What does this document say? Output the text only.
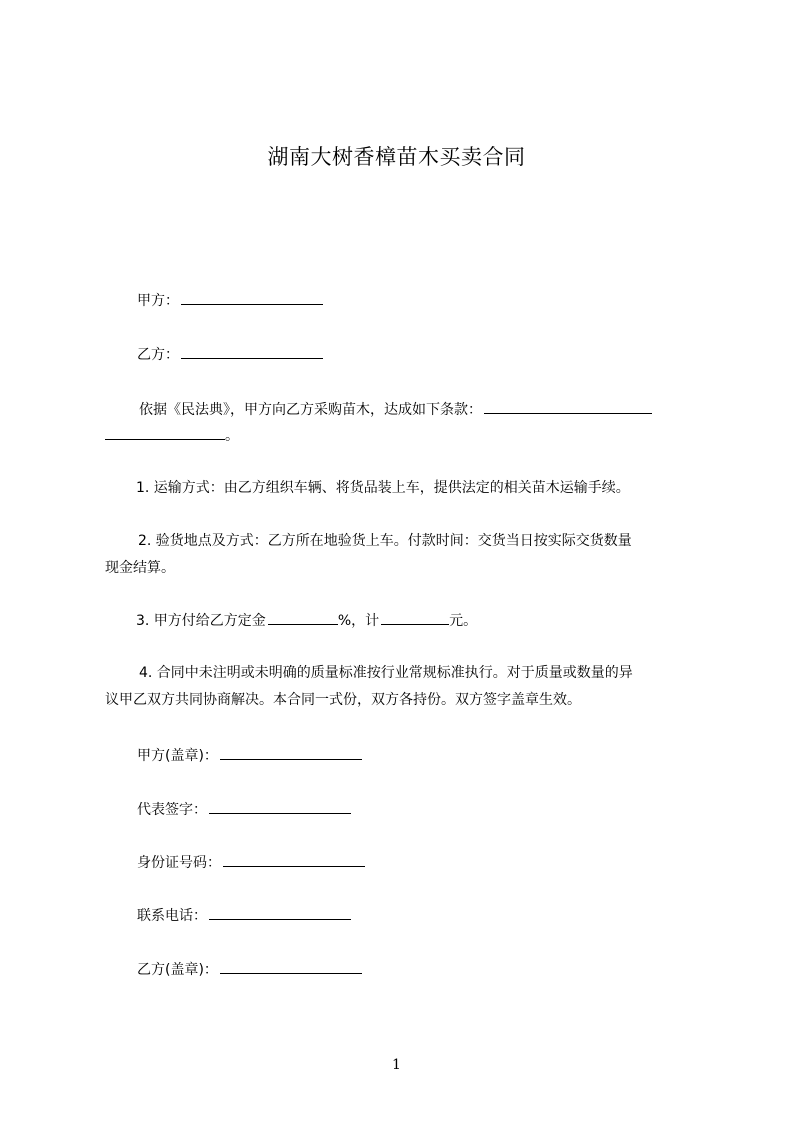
湖南大树香樟苗木买卖合同
甲方：
乙方：
依据《民法典》，甲方向乙方采购苗木，达成如下条款：
。
1. 运输方式：由乙方组织车辆、将货品装上车，提供法定的相关苗木运输手续。
2. 验货地点及方式：乙方所在地验货上车。付款时间：交货当日按实际交货数量
现金结算。
3. 甲方付给乙方定金	%，计	元。
4. 合同中未注明或未明确的质量标准按行业常规标准执行。对于质量或数量的异
议甲乙双方共同协商解决。本合同一式份，双方各持份。双方签字盖章生效。
甲方(盖章)：
代表签字：
身份证号码：
联系电话：
乙方(盖章)：
1
